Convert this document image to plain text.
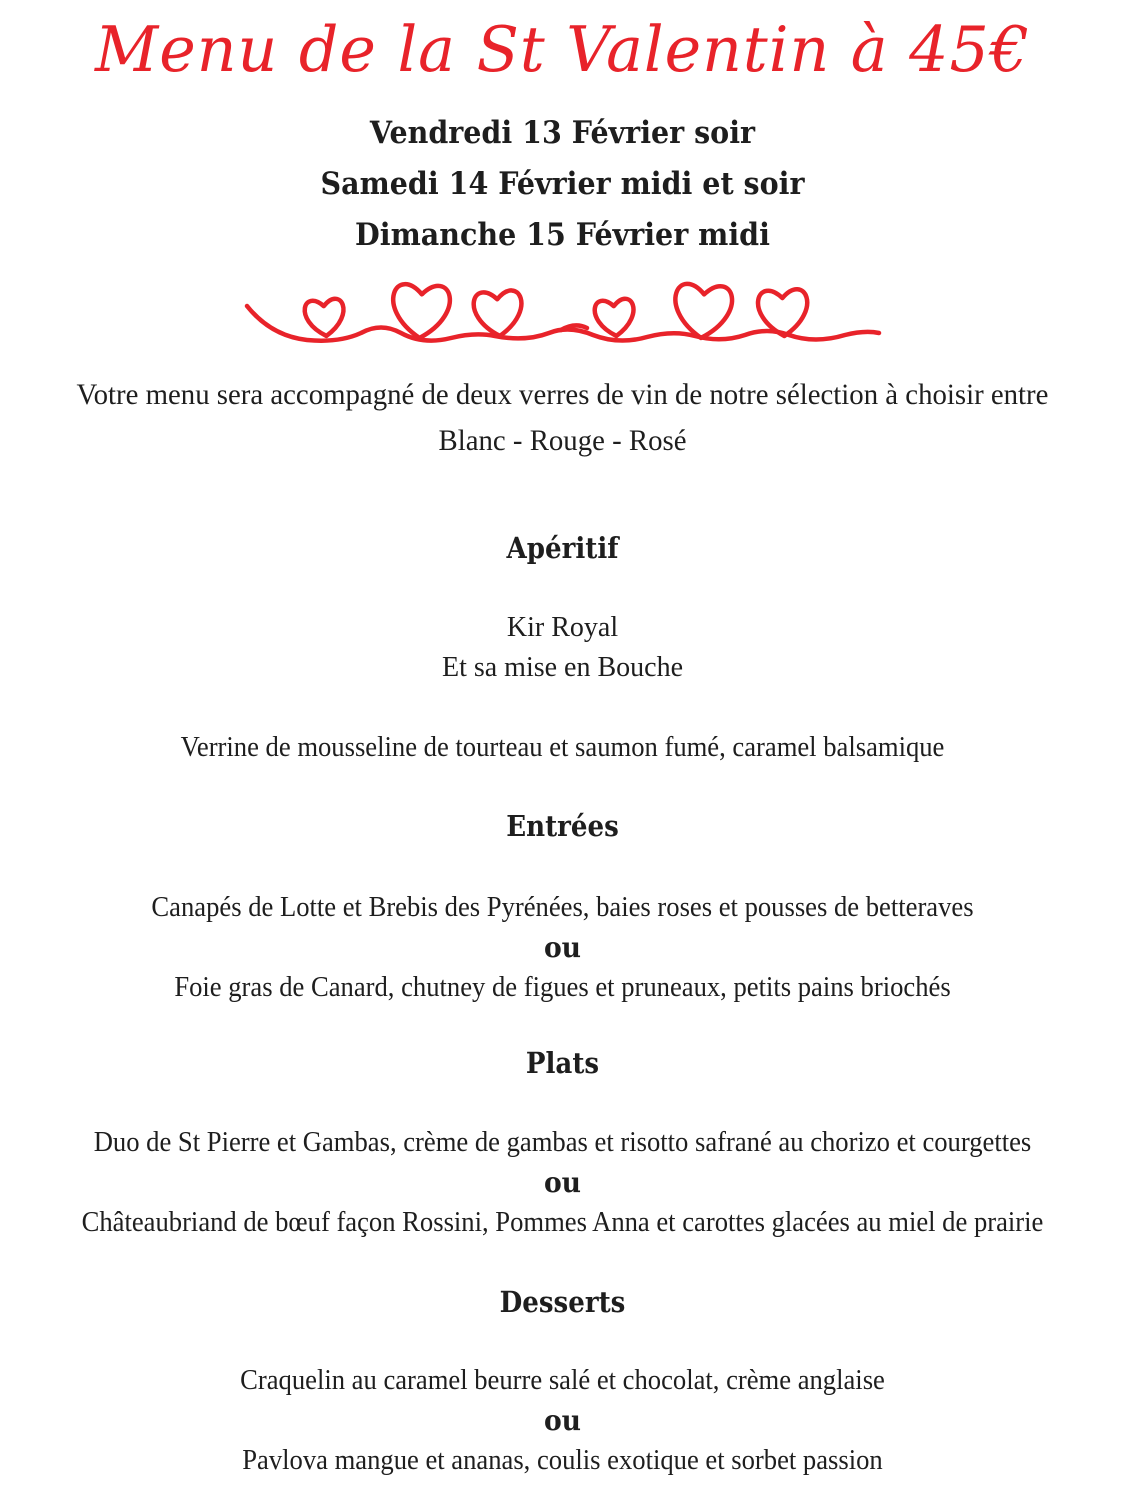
Menu de la St Valentin à 45€
Vendredi 13 Février soir
Samedi 14 Février midi et soir
Dimanche 15 Février midi
Votre menu sera accompagné de deux verres de vin de notre sélection à choisir entre
Blanc - Rouge - Rosé
Apéritif
Kir Royal
Et sa mise en Bouche
Verrine de mousseline de tourteau et saumon fumé, caramel balsamique
Entrées
Canapés de Lotte et Brebis des Pyrénées, baies roses et pousses de betteraves
ou
Foie gras de Canard, chutney de figues et pruneaux, petits pains briochés
Plats
Duo de St Pierre et Gambas, crème de gambas et risotto safrané au chorizo et courgettes
ou
Châteaubriand de bœuf façon Rossini, Pommes Anna et carottes glacées au miel de prairie
Desserts
Craquelin au caramel beurre salé et chocolat, crème anglaise
ou
Pavlova mangue et ananas, coulis exotique et sorbet passion
